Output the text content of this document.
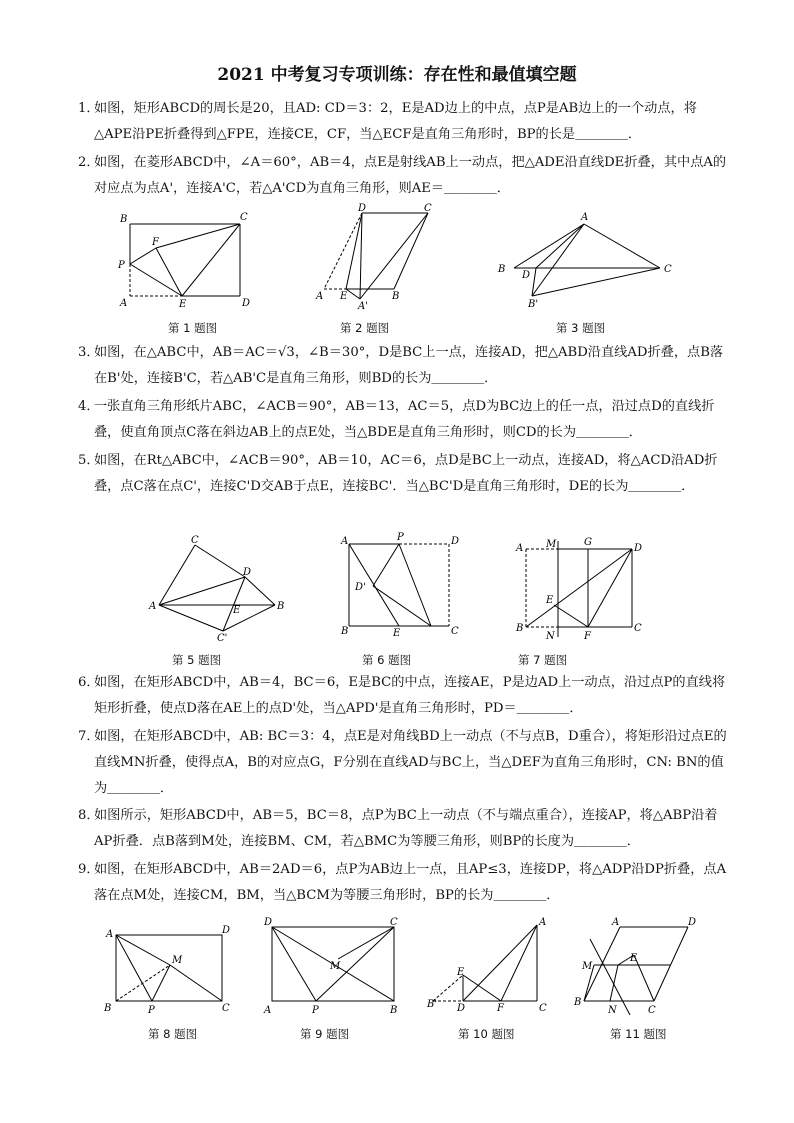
2021 中考复习专项训练：存在性和最值填空题
1．
如图，矩形ABCD的周长是20，且AD: CD＝3：2，E是AD边上的中点，点P是AB边上的一个动点，将△APE沿PE折叠得到△FPE，连接CE，CF，当△ECF是直角三角形时，BP的长是＿＿＿＿．
2．
如图，在菱形ABCD中，∠A＝60°，AB＝4，点E是射线AB上一动点，把△ADE沿直线DE折叠，其中点A的对应点为点A'，连接A'C，若△A'CD为直角三角形，则AE＝＿＿＿＿．
B	C
F
P
A	E	D
第 1 题图
D	C
A E
A'
B
第 2 题图
A
B
D
C
B'
第 3 题图
3．
如图，在△ABC中，AB＝AC＝√3，∠B＝30°，D是BC上一点，连接AD，把△ABD沿直线AD折叠，点B落在B'处，连接B'C，若△AB'C是直角三角形，则BD的长为＿＿＿＿．
4．
一张直角三角形纸片ABC，∠ACB＝90°，AB＝13，AC＝5，点D为BC边上的任一点，沿过点D的直线折叠，使直角顶点C落在斜边AB上的点E处，当△BDE是直角三角形时，则CD的长为＿＿＿＿．
5．
如图，在Rt△ABC中，∠ACB＝90°，AB＝10，AC＝6，点D是BC上一动点，连接AD，将△ACD沿AD折叠，点C落在点C'，连接C'D交AB于点E，连接BC'．当△BC'D是直角三角形时，DE的长为＿＿＿＿．
C
D
A	E	B
C'
第 5 题图
A	P	D
D'
B	E	C
第 6 题图
A M	G
D
E
B
N	F
C
第 7 题图
6．
如图，在矩形ABCD中，AB＝4，BC＝6，E是BC的中点，连接AE，P是边AD上一动点，沿过点P的直线将矩形折叠，使点D落在AE上的点D'处，当△APD'是直角三角形时，PD＝＿＿＿＿．
7．
如图，在矩形ABCD中，AB: BC＝3：4，点E是对角线BD上一动点（不与点B，D重合），将矩形沿过点E的直线MN折叠，使得点A，B的对应点G，F分别在直线AD与BC上，当△DEF为直角三角形时，CN: BN的值为＿＿＿＿．
8．
如图所示，矩形ABCD中，AB＝5，BC＝8，点P为BC上一动点（不与端点重合），连接AP，将△ABP沿着AP折叠．点B落到M处，连接BM、CM，若△BMC为等腰三角形，则BP的长度为＿＿＿＿．
9．
如图，在矩形ABCD中，AB＝2AD＝6，点P为AB边上一点，且AP≤3，连接DP，将△ADP沿DP折叠，点A落在点M处，连接CM，BM，当△BCM为等腰三角形时，BP的长为＿＿＿＿．
A	D
M
B	P	C
第 8 题图
D	C
M
A	P	B
第 9 题图
A
E
B' D	F	C
第 10 题图
A	D
M
E
B
N	C
第 11 题图
